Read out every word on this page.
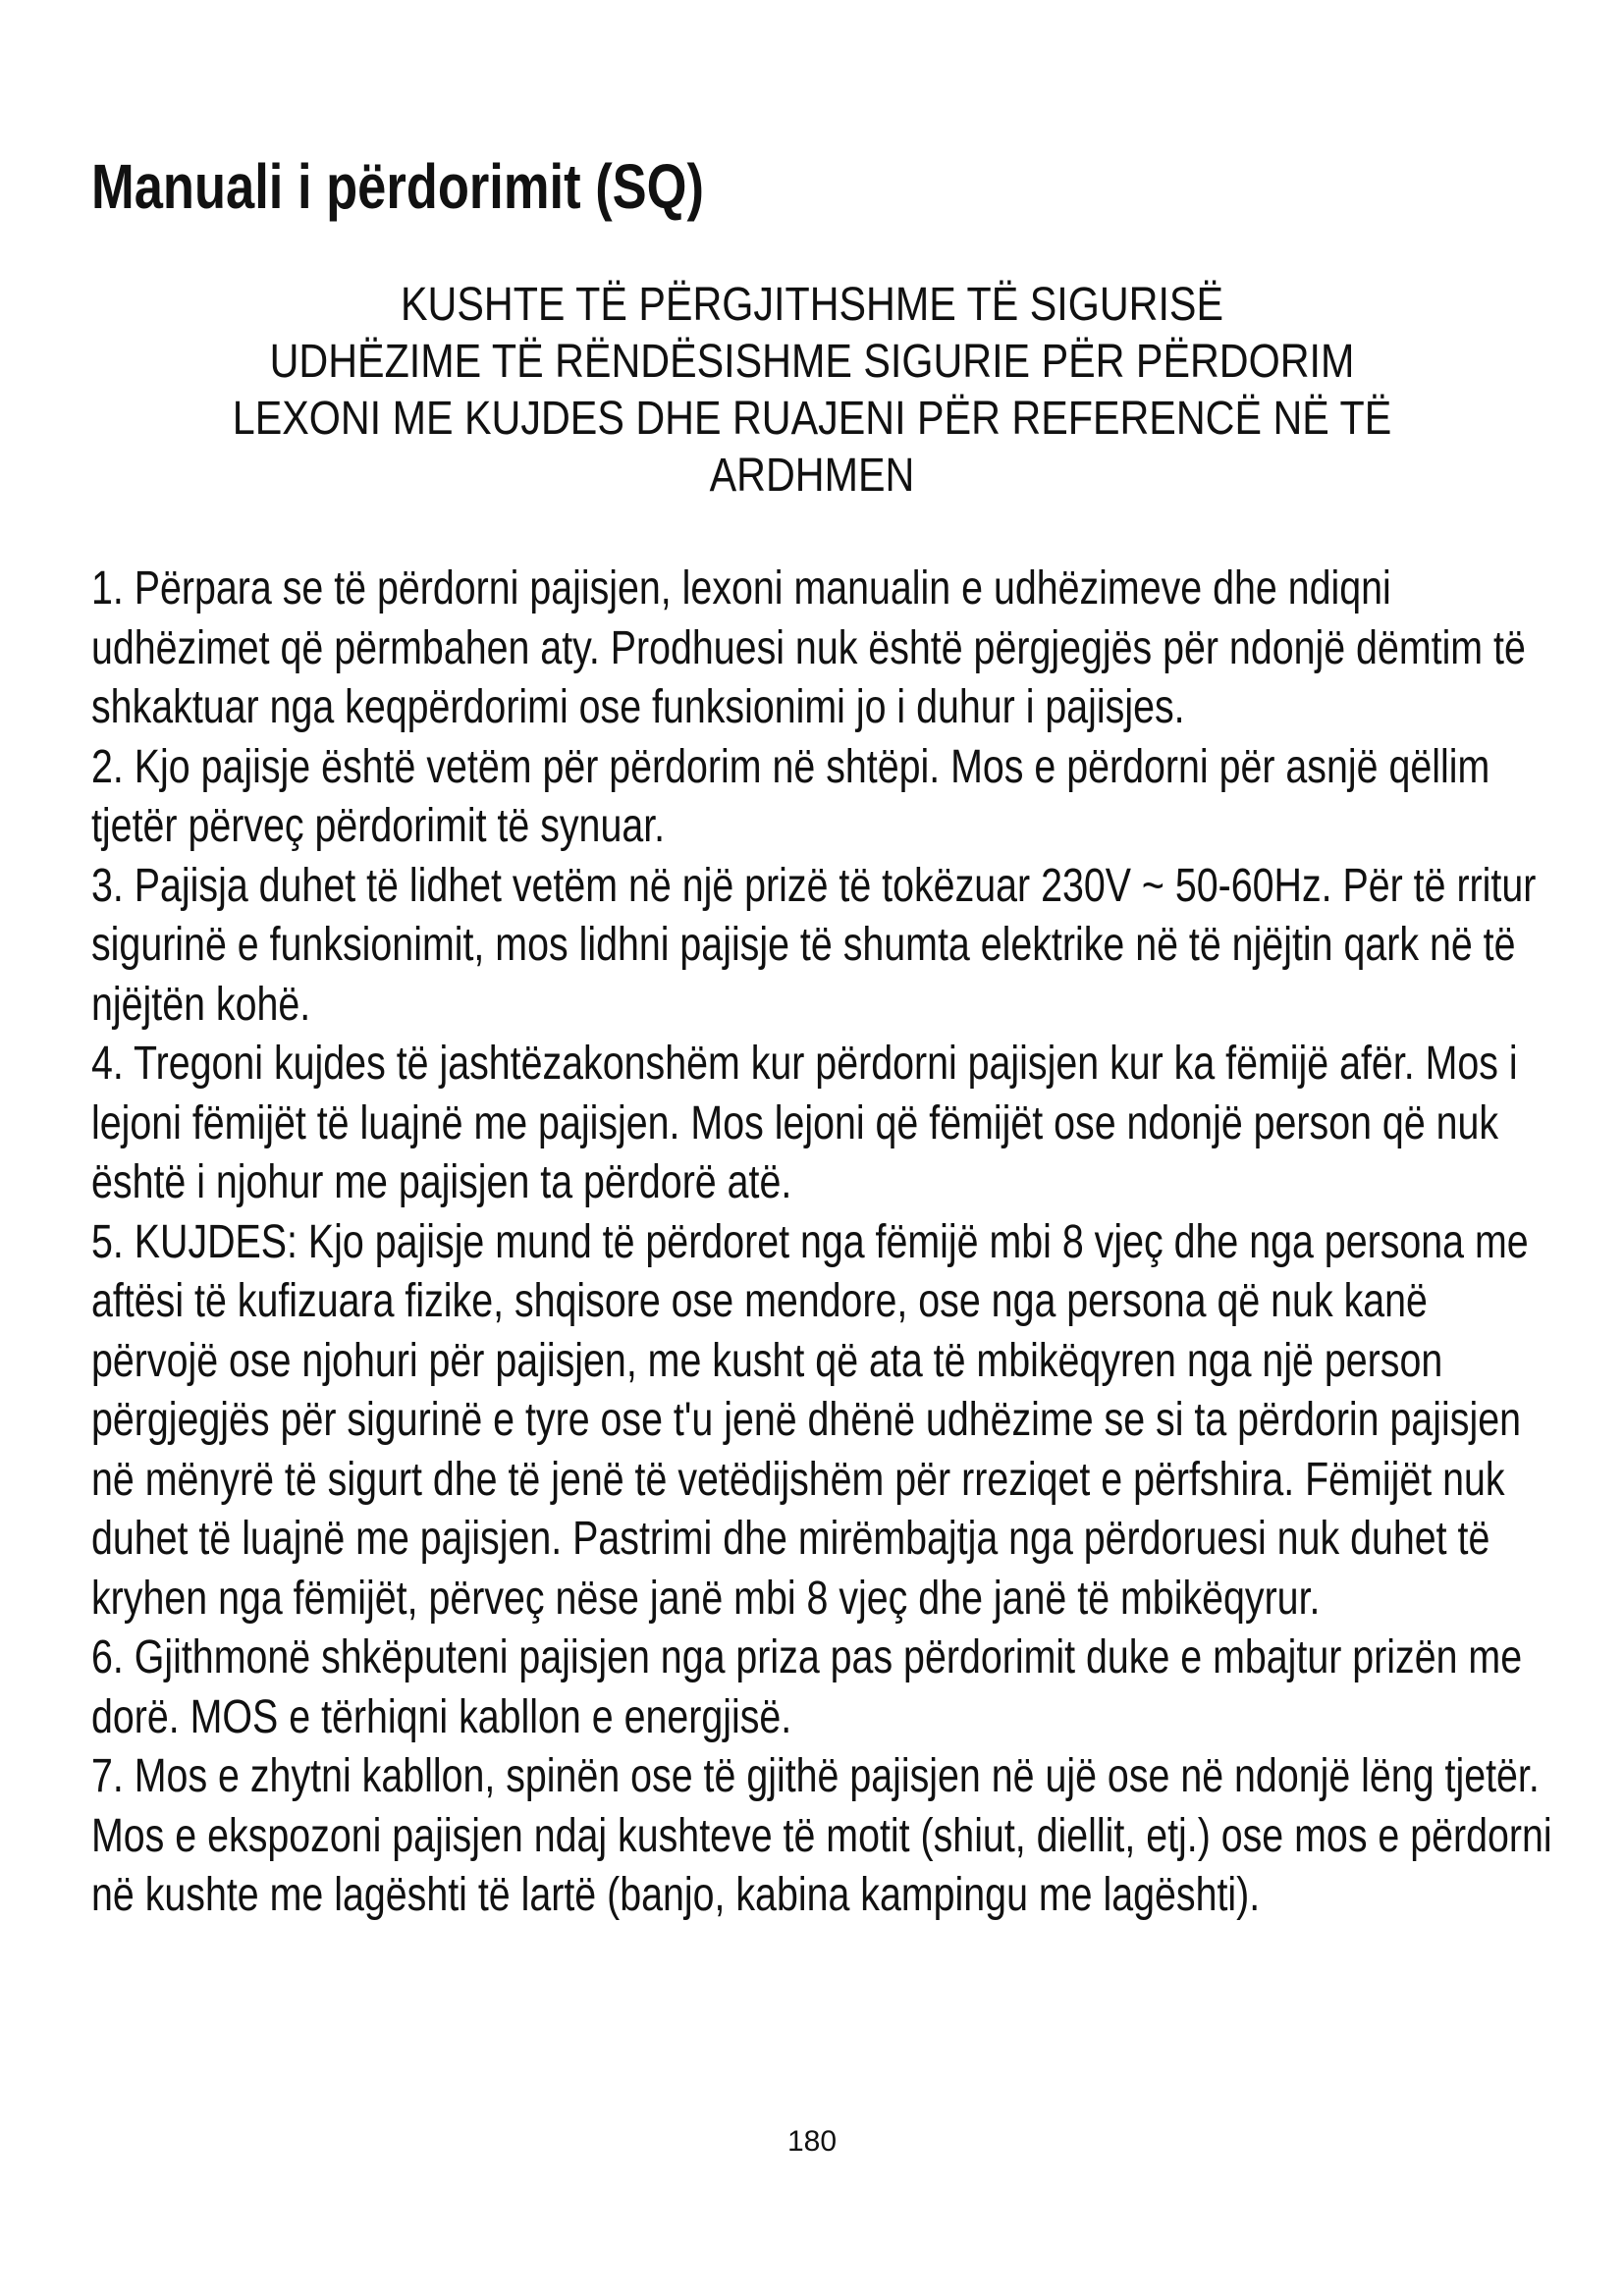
Manuali i përdorimit (SQ)
KUSHTE TË PËRGJITHSHME TË SIGURISË
UDHËZIME TË RËNDËSISHME SIGURIE PËR PËRDORIM
LEXONI ME KUJDES DHE RUAJENI PËR REFERENCË NË TË
ARDHMEN

1. Përpara se të përdorni pajisjen, lexoni manualin e udhëzimeve dhe ndiqni udhëzimet që përmbahen aty. Prodhuesi nuk është përgjegjës për ndonjë dëmtim të shkaktuar nga keqpërdorimi ose funksionimi jo i duhur i pajisjes.

2. Kjo pajisje është vetëm për përdorim në shtëpi. Mos e përdorni për asnjë qëllim tjetër përveç përdorimit të synuar.

3. Pajisja duhet të lidhet vetëm në një prizë të tokëzuar 230V ~ 50-60Hz. Për të rritur sigurinë e funksionimit, mos lidhni pajisje të shumta elektrike në të njëjtin qark në të njëjtën kohë.

4. Tregoni kujdes të jashtëzakonshëm kur përdorni pajisjen kur ka fëmijë afër. Mos i lejoni fëmijët të luajnë me pajisjen. Mos lejoni që fëmijët ose ndonjë person që nuk është i njohur me pajisjen ta përdorë atë.

5. KUJDES: Kjo pajisje mund të përdoret nga fëmijë mbi 8 vjeç dhe nga persona me aftësi të kufizuara fizike, shqisore ose mendore, ose nga persona që nuk kanë përvojë ose njohuri për pajisjen, me kusht që ata të mbikëqyren nga një person përgjegjës për sigurinë e tyre ose t'u jenë dhënë udhëzime se si ta përdorin pajisjen në mënyrë të sigurt dhe të jenë të vetëdijshëm për rreziqet e përfshira. Fëmijët nuk duhet të luajnë me pajisjen. Pastrimi dhe mirëmbajtja nga përdoruesi nuk duhet të kryhen nga fëmijët, përveç nëse janë mbi 8 vjeç dhe janë të mbikëqyrur.

6. Gjithmonë shkëputeni pajisjen nga priza pas përdorimit duke e mbajtur prizën me dorë. MOS e tërhiqni kabllon e energjisë.

7. Mos e zhytni kabllon, spinën ose të gjithë pajisjen në ujë ose në ndonjë lëng tjetër. Mos e ekspozoni pajisjen ndaj kushteve të motit (shiut, diellit, etj.) ose mos e përdorni në kushte me lagështi të lartë (banjo, kabina kampingu me lagështi).

180
